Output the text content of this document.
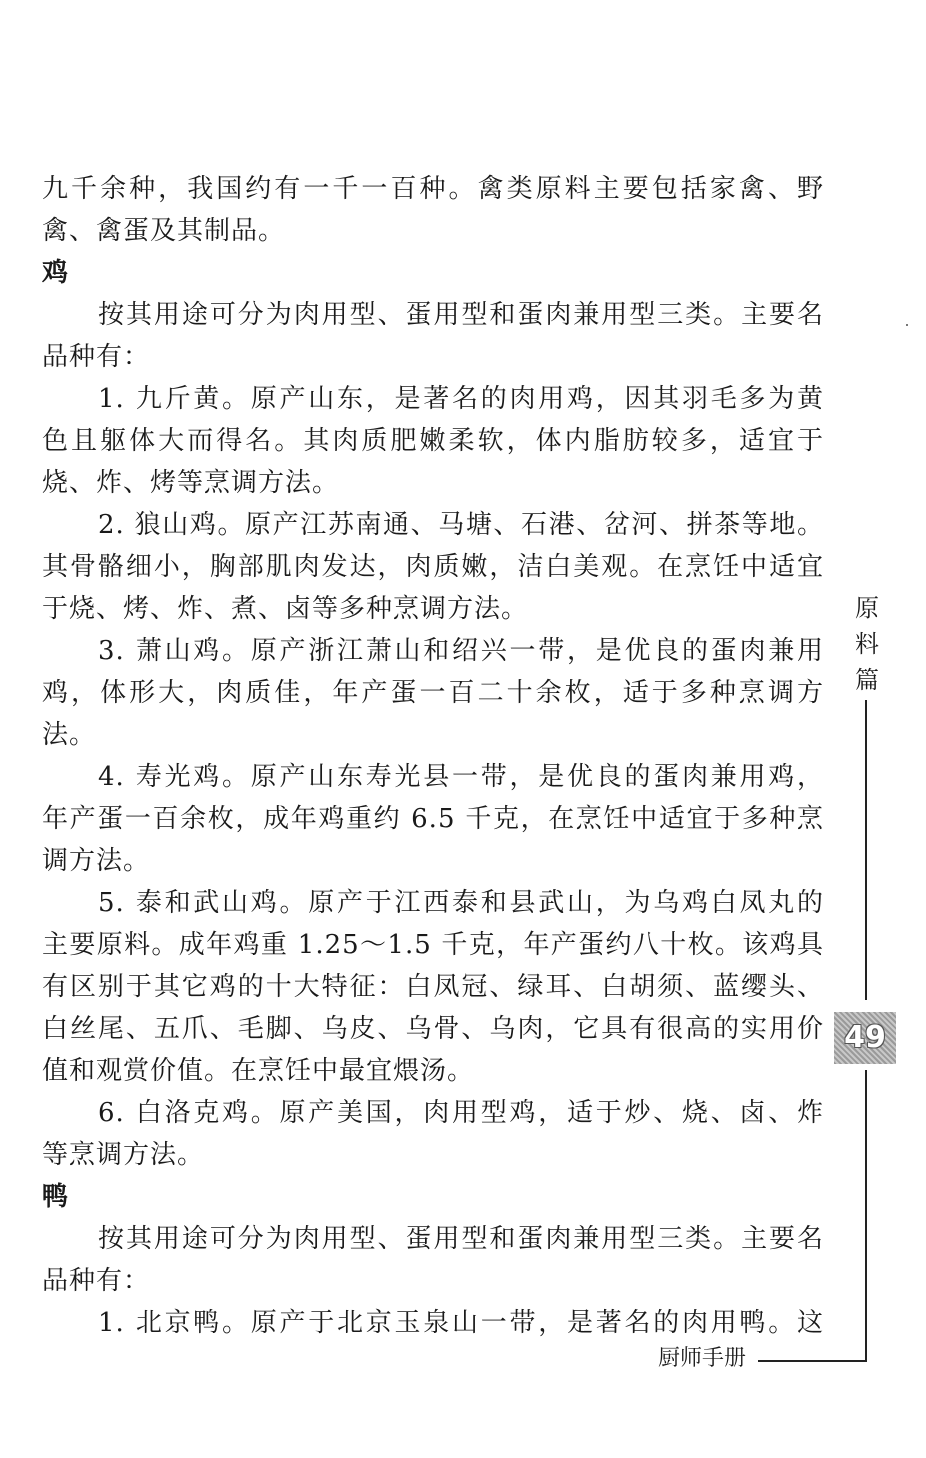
九千余种，我国约有一千一百种。禽类原料主要包括家禽、野
禽、禽蛋及其制品。
鸡
按其用途可分为肉用型、蛋用型和蛋肉兼用型三类。主要名
品种有：
1. 九斤黄。原产山东，是著名的肉用鸡，因其羽毛多为黄
色且躯体大而得名。其肉质肥嫩柔软，体内脂肪较多，适宜于
烧、炸、烤等烹调方法。
2. 狼山鸡。原产江苏南通、马塘、石港、岔河、拼茶等地。
其骨骼细小，胸部肌肉发达，肉质嫩，洁白美观。在烹饪中适宜
于烧、烤、炸、煮、卤等多种烹调方法。
3. 萧山鸡。原产浙江萧山和绍兴一带，是优良的蛋肉兼用
鸡，体形大，肉质佳，年产蛋一百二十余枚，适于多种烹调方
法。
4. 寿光鸡。原产山东寿光县一带，是优良的蛋肉兼用鸡，
年产蛋一百余枚，成年鸡重约 6.5 千克，在烹饪中适宜于多种烹
调方法。
5. 泰和武山鸡。原产于江西泰和县武山，为乌鸡白凤丸的
主要原料。成年鸡重 1.25～1.5 千克，年产蛋约八十枚。该鸡具
有区别于其它鸡的十大特征：白凤冠、绿耳、白胡须、蓝缨头、
白丝尾、五爪、毛脚、乌皮、乌骨、乌肉，它具有很高的实用价
值和观赏价值。在烹饪中最宜煨汤。
6. 白洛克鸡。原产美国，肉用型鸡，适于炒、烧、卤、炸
等烹调方法。
鸭
按其用途可分为肉用型、蛋用型和蛋肉兼用型三类。主要名
品种有：
1. 北京鸭。原产于北京玉泉山一带，是著名的肉用鸭。这
原
料
篇
49
厨师手册
